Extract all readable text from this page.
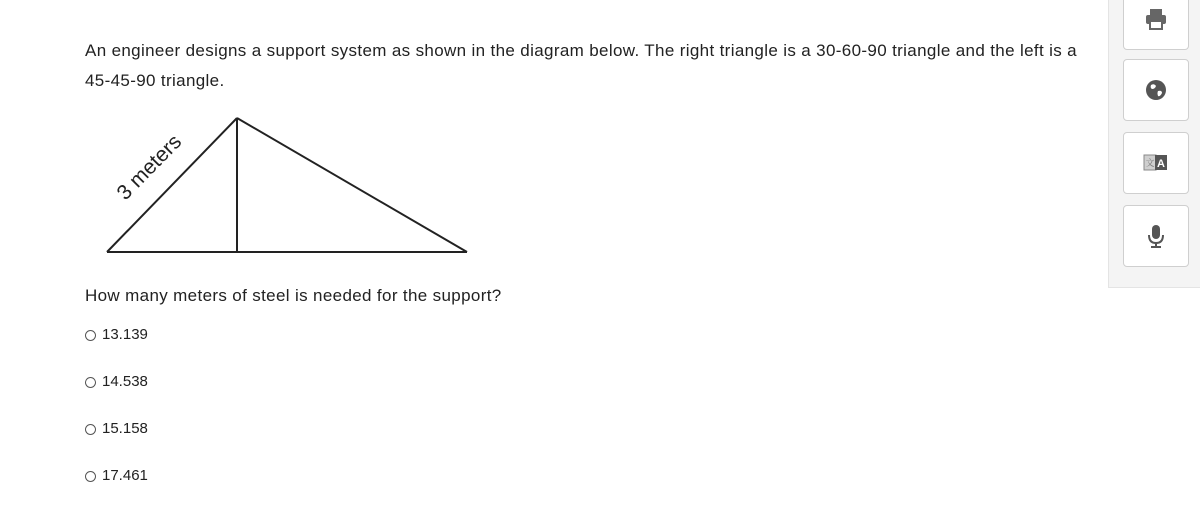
An engineer designs a support system as shown in the diagram below. The right triangle is a 30-60-90 triangle and the left is a 45-45-90 triangle.

3 meters

How many meters of steel is needed for the support?

13.139
14.538
15.158
17.461
A
文
